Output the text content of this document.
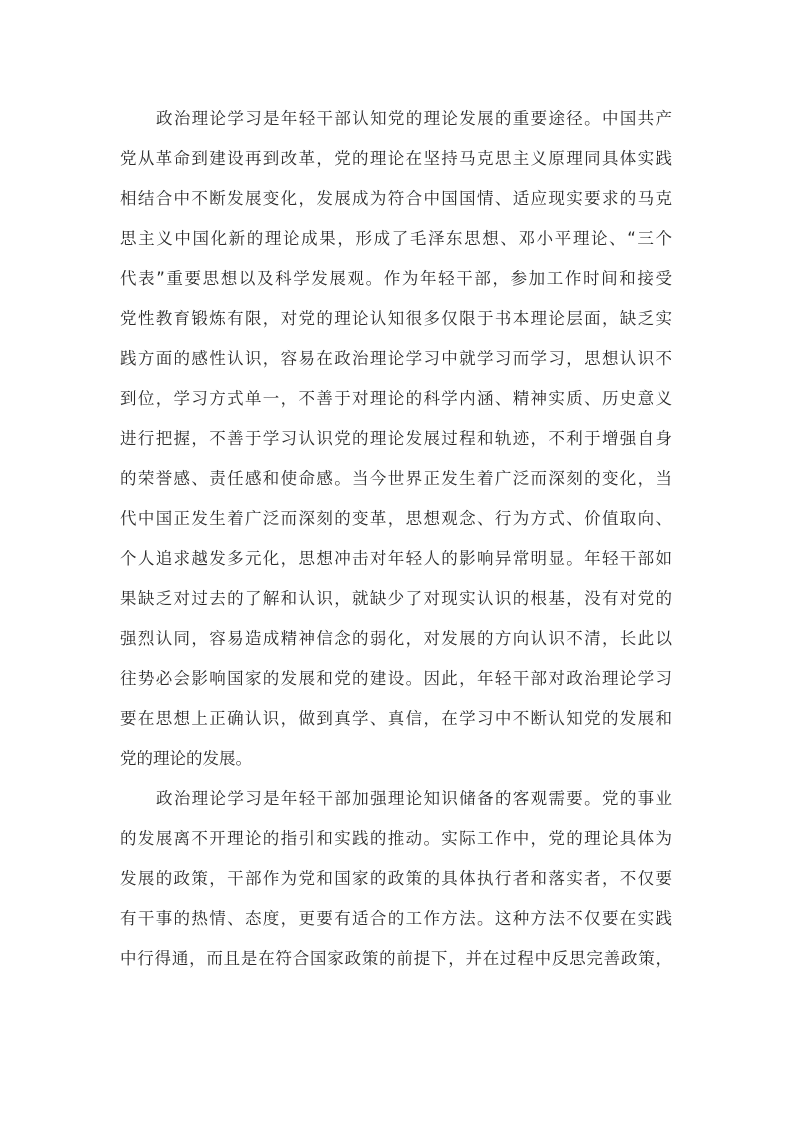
政治理论学习是年轻干部认知党的理论发展的重要途径。中国共产
党从革命到建设再到改革，党的理论在坚持马克思主义原理同具体实践
相结合中不断发展变化，发展成为符合中国国情、适应现实要求的马克
思主义中国化新的理论成果，形成了毛泽东思想、邓小平理论、“三个
代表”重要思想以及科学发展观。作为年轻干部，参加工作时间和接受
党性教育锻炼有限，对党的理论认知很多仅限于书本理论层面，缺乏实
践方面的感性认识，容易在政治理论学习中就学习而学习，思想认识不
到位，学习方式单一，不善于对理论的科学内涵、精神实质、历史意义
进行把握，不善于学习认识党的理论发展过程和轨迹，不利于增强自身
的荣誉感、责任感和使命感。当今世界正发生着广泛而深刻的变化，当
代中国正发生着广泛而深刻的变革，思想观念、行为方式、价值取向、
个人追求越发多元化，思想冲击对年轻人的影响异常明显。年轻干部如
果缺乏对过去的了解和认识，就缺少了对现实认识的根基，没有对党的
强烈认同，容易造成精神信念的弱化，对发展的方向认识不清，长此以
往势必会影响国家的发展和党的建设。因此，年轻干部对政治理论学习
要在思想上正确认识，做到真学、真信，在学习中不断认知党的发展和
党的理论的发展。
政治理论学习是年轻干部加强理论知识储备的客观需要。党的事业
的发展离不开理论的指引和实践的推动。实际工作中，党的理论具体为
发展的政策，干部作为党和国家的政策的具体执行者和落实者，不仅要
有干事的热情、态度，更要有适合的工作方法。这种方法不仅要在实践
中行得通，而且是在符合国家政策的前提下，并在过程中反思完善政策，
